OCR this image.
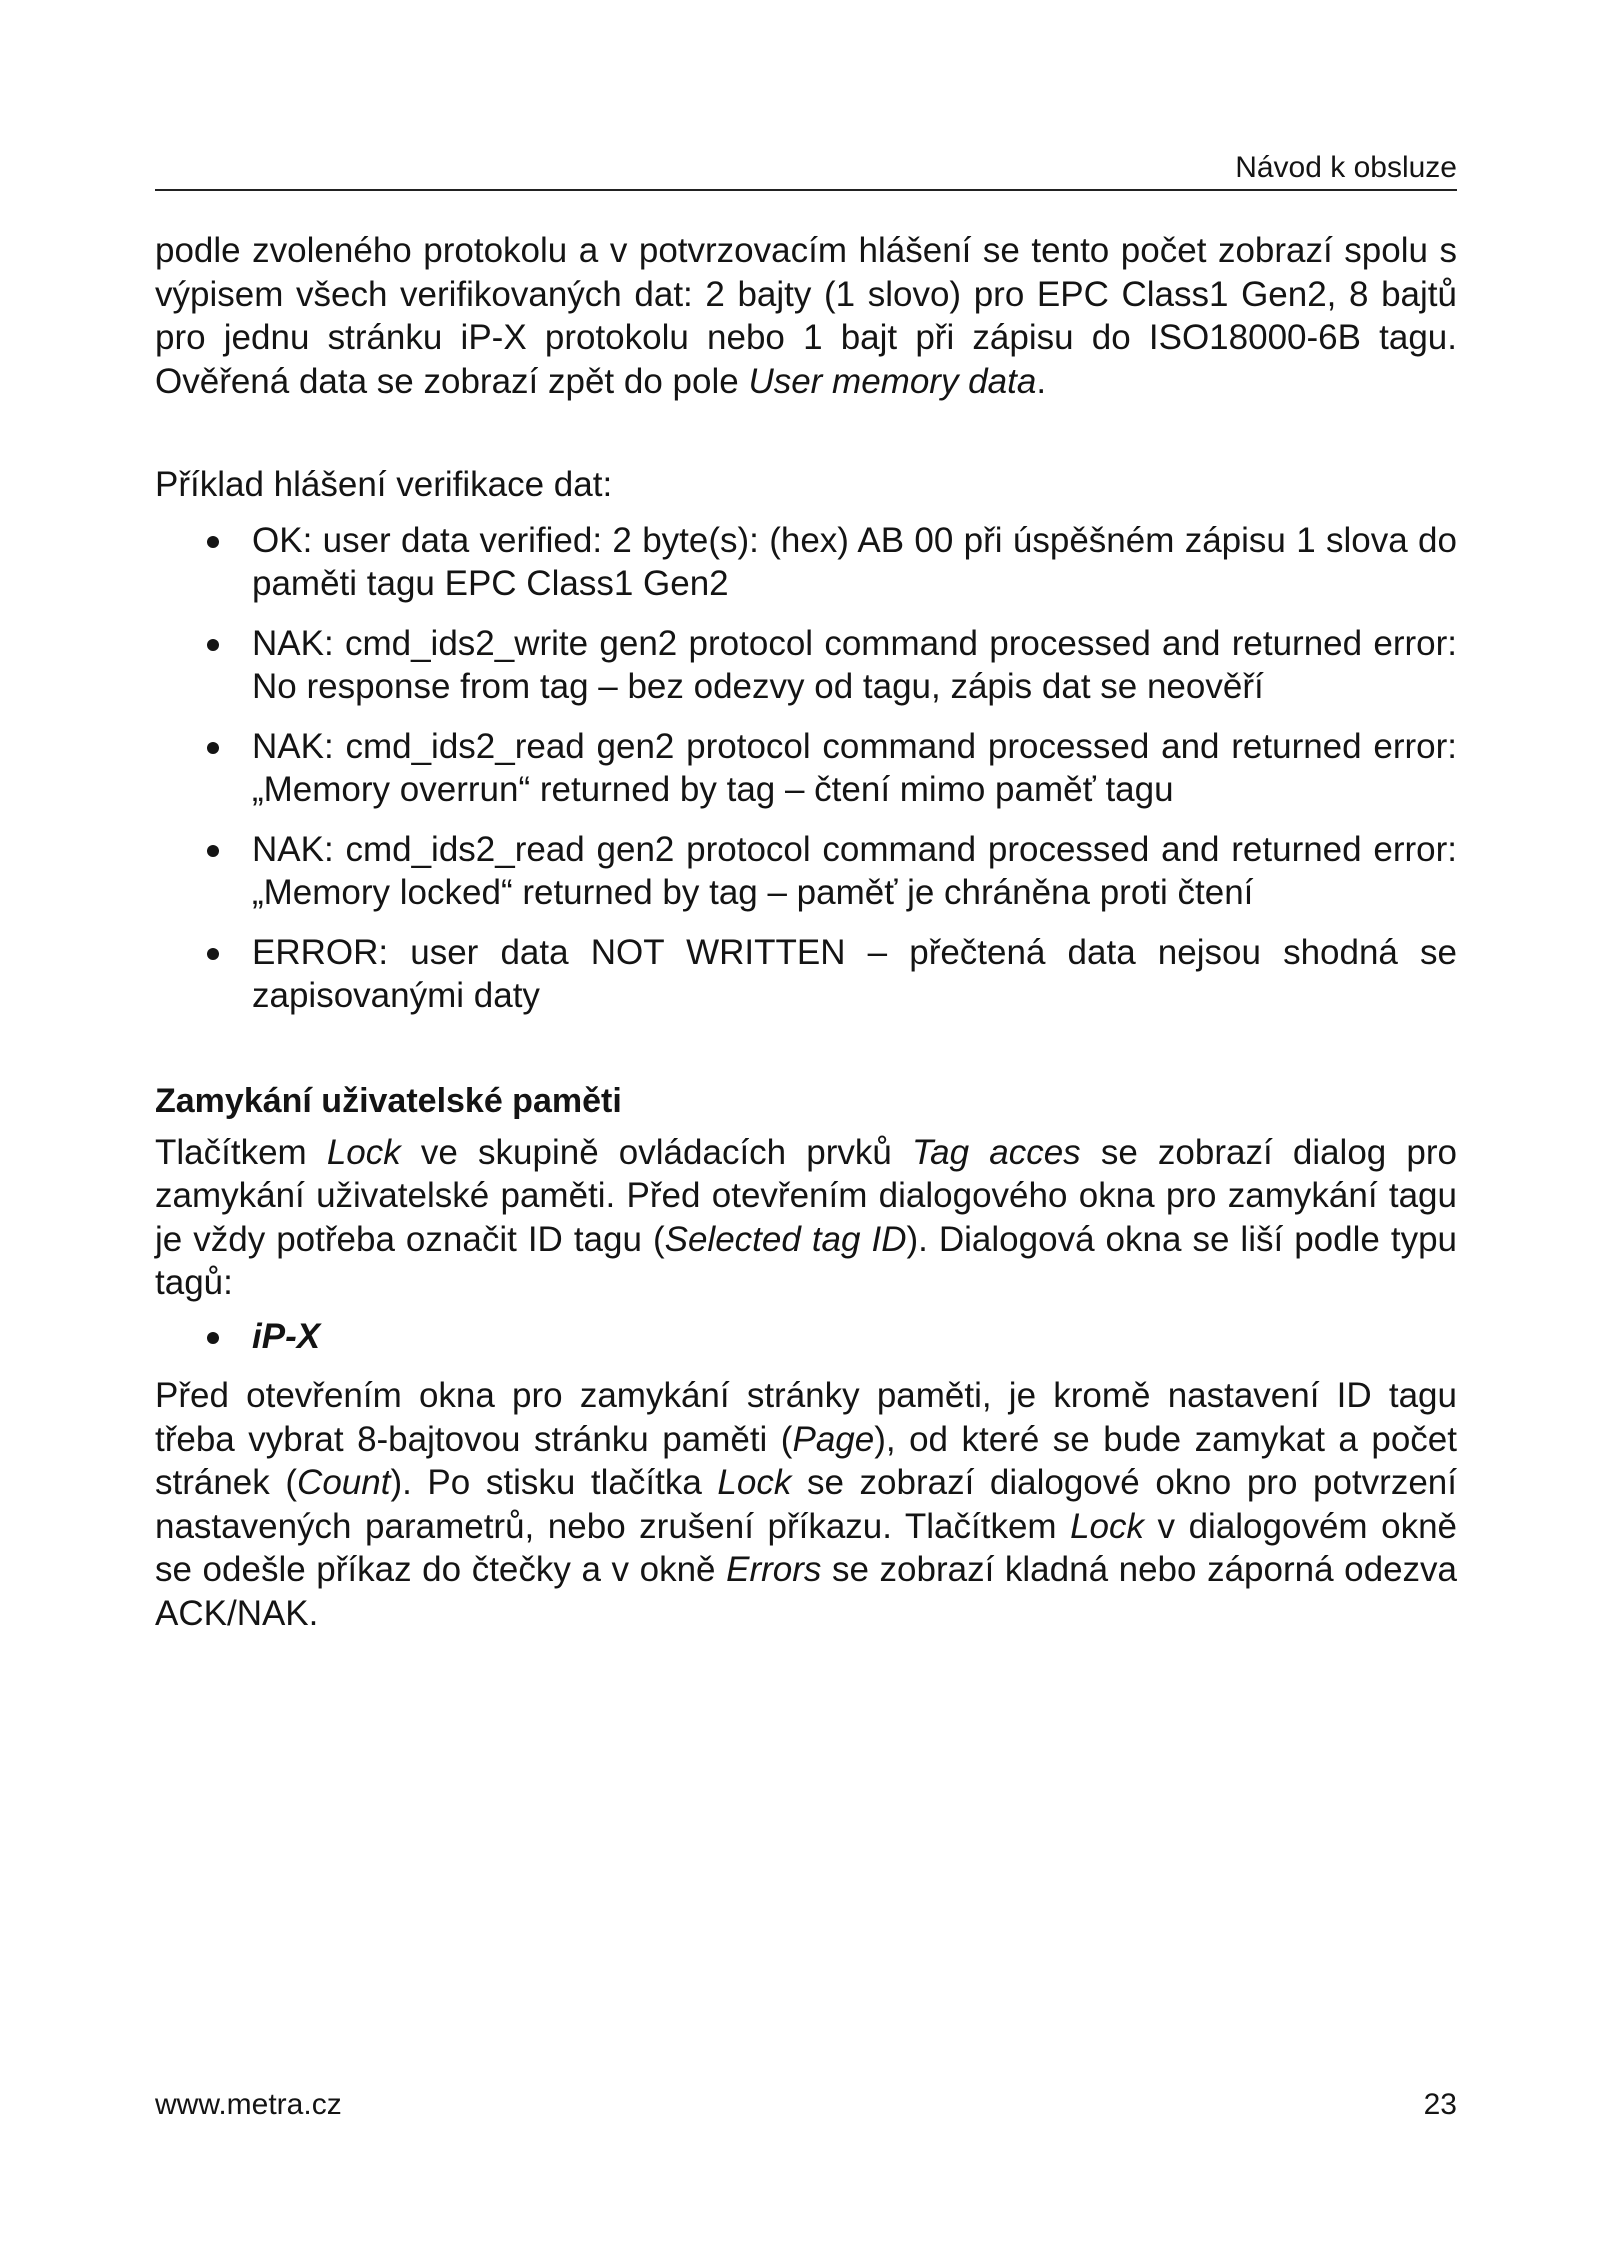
Návod k obsluze

podle zvoleného protokolu a v potvrzovacím hlášení se tento počet zobrazí spolu s výpisem všech verifikovaných dat: 2 bajty (1 slovo) pro EPC Class1 Gen2, 8 bajtů pro jednu stránku iP-X protokolu nebo 1 bajt při zápisu do ISO18000-6B tagu. Ověřená data se zobrazí zpět do pole User memory data.

Příklad hlášení verifikace dat:

OK: user data verified: 2 byte(s): (hex) AB 00 při úspěšném zápisu 1 slova do paměti tagu EPC Class1 Gen2
NAK: cmd_ids2_write gen2 protocol command processed and returned error: No response from tag – bez odezvy od tagu, zápis dat se neověří
NAK: cmd_ids2_read gen2 protocol command processed and returned error: „Memory overrun“ returned by tag – čtení mimo paměť tagu
NAK: cmd_ids2_read gen2 protocol command processed and returned error: „Memory locked“ returned by tag – paměť je chráněna proti čtení
ERROR: user data NOT WRITTEN – přečtená data nejsou shodná se zapisovanými daty
Zamykání uživatelské paměti

Tlačítkem Lock ve skupině ovládacích prvků Tag acces se zobrazí dialog pro zamykání uživatelské paměti. Před otevřením dialogového okna pro zamykání tagu je vždy potřeba označit ID tagu (Selected tag ID). Dialogová okna se liší podle typu tagů:

iP-X

Před otevřením okna pro zamykání stránky paměti, je kromě nastavení ID tagu třeba vybrat 8-bajtovou stránku paměti (Page), od které se bude zamykat a počet stránek (Count). Po stisku tlačítka Lock se zobrazí dialogové okno pro potvrzení nastavených parametrů, nebo zrušení příkazu. Tlačítkem Lock v dialogovém okně se odešle příkaz do čtečky a v okně Errors se zobrazí kladná nebo záporná odezva ACK/NAK.

www.metra.cz	23
